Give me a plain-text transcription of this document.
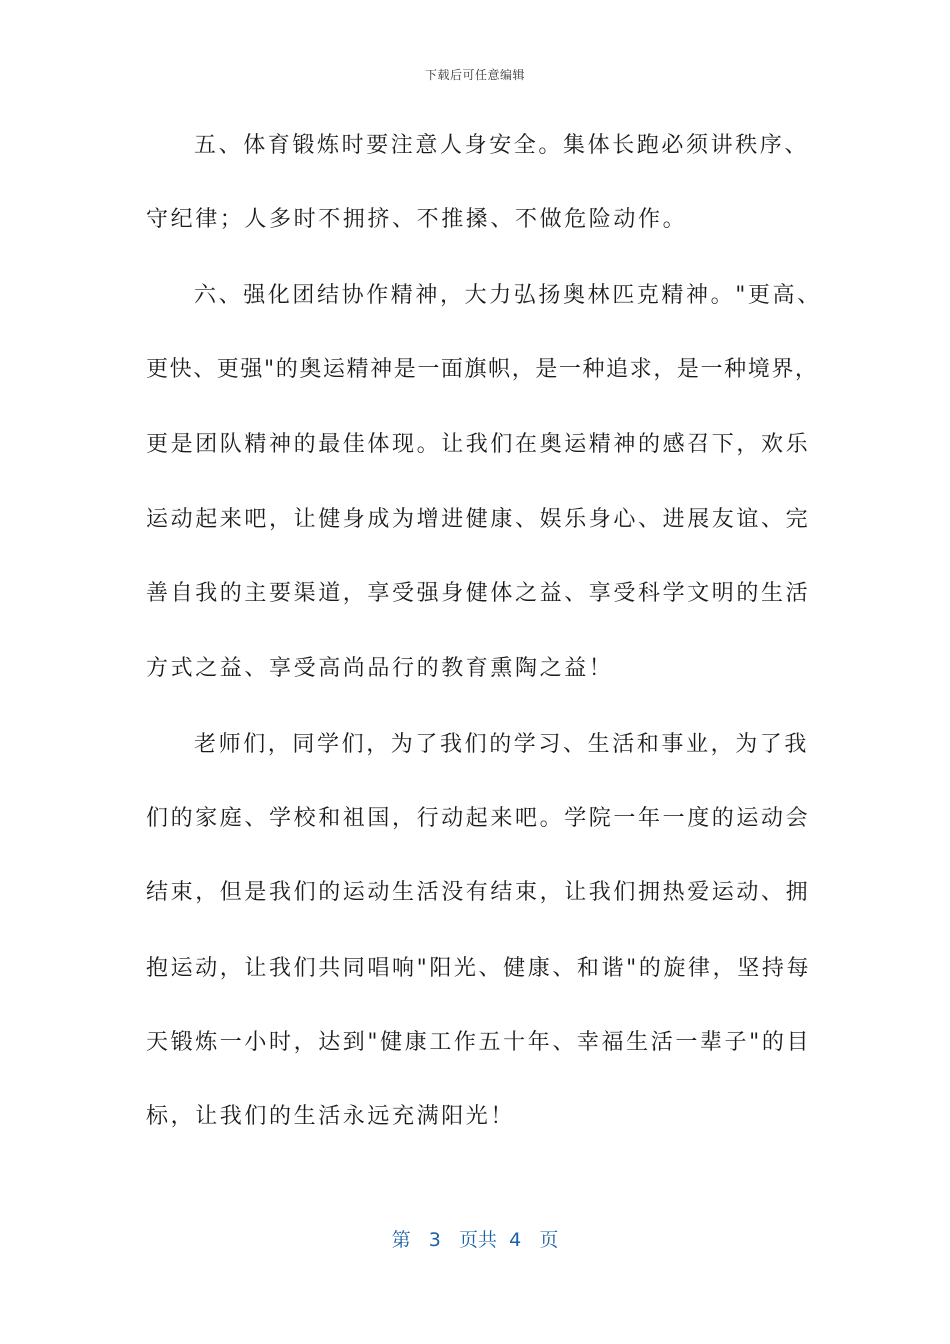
下载后可任意编辑
五、体育锻炼时要注意人身安全。集体长跑必须讲秩序、
守纪律；人多时不拥挤、不推搡、不做危险动作。
六、强化团结协作精神，大力弘扬奥林匹克精神。"更高、
更快、更强"的奥运精神是一面旗帜，是一种追求，是一种境界，
更是团队精神的最佳体现。让我们在奥运精神的感召下，欢乐
运动起来吧，让健身成为增进健康、娱乐身心、进展友谊、完
善自我的主要渠道，享受强身健体之益、享受科学文明的生活
方式之益、享受高尚品行的教育熏陶之益！
老师们，同学们，为了我们的学习、生活和事业，为了我
们的家庭、学校和祖国，行动起来吧。学院一年一度的运动会
结束，但是我们的运动生活没有结束，让我们拥热爱运动、拥
抱运动，让我们共同唱响"阳光、健康、和谐"的旋律，坚持每
天锻炼一小时，达到"健康工作五十年、幸福生活一辈子"的目
标，让我们的生活永远充满阳光！
第 3 页共 4 页
